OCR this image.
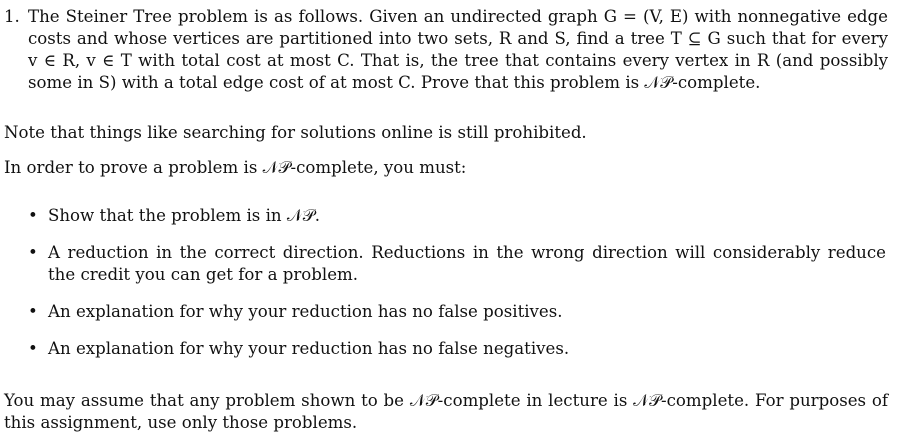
1. The Steiner Tree problem is as follows. Given an undirected graph G = (V, E) with nonnegative edge costs and whose vertices are partitioned into two sets, R and S, find a tree T ⊆ G such that for every v ∈ R, v ∈ T with total cost at most C. That is, the tree that contains every vertex in R (and possibly some in S) with a total edge cost of at most C. Prove that this problem is 𝒩𝒫-complete.
Note that things like searching for solutions online is still prohibited.
In order to prove a problem is 𝒩𝒫-complete, you must:
• Show that the problem is in 𝒩𝒫.
• A reduction in the correct direction. Reductions in the wrong direction will considerably reduce the credit you can get for a problem.
• An explanation for why your reduction has no false positives.
• An explanation for why your reduction has no false negatives.
You may assume that any problem shown to be 𝒩𝒫-complete in lecture is 𝒩𝒫-complete. For purposes of this assignment, use only those problems.
